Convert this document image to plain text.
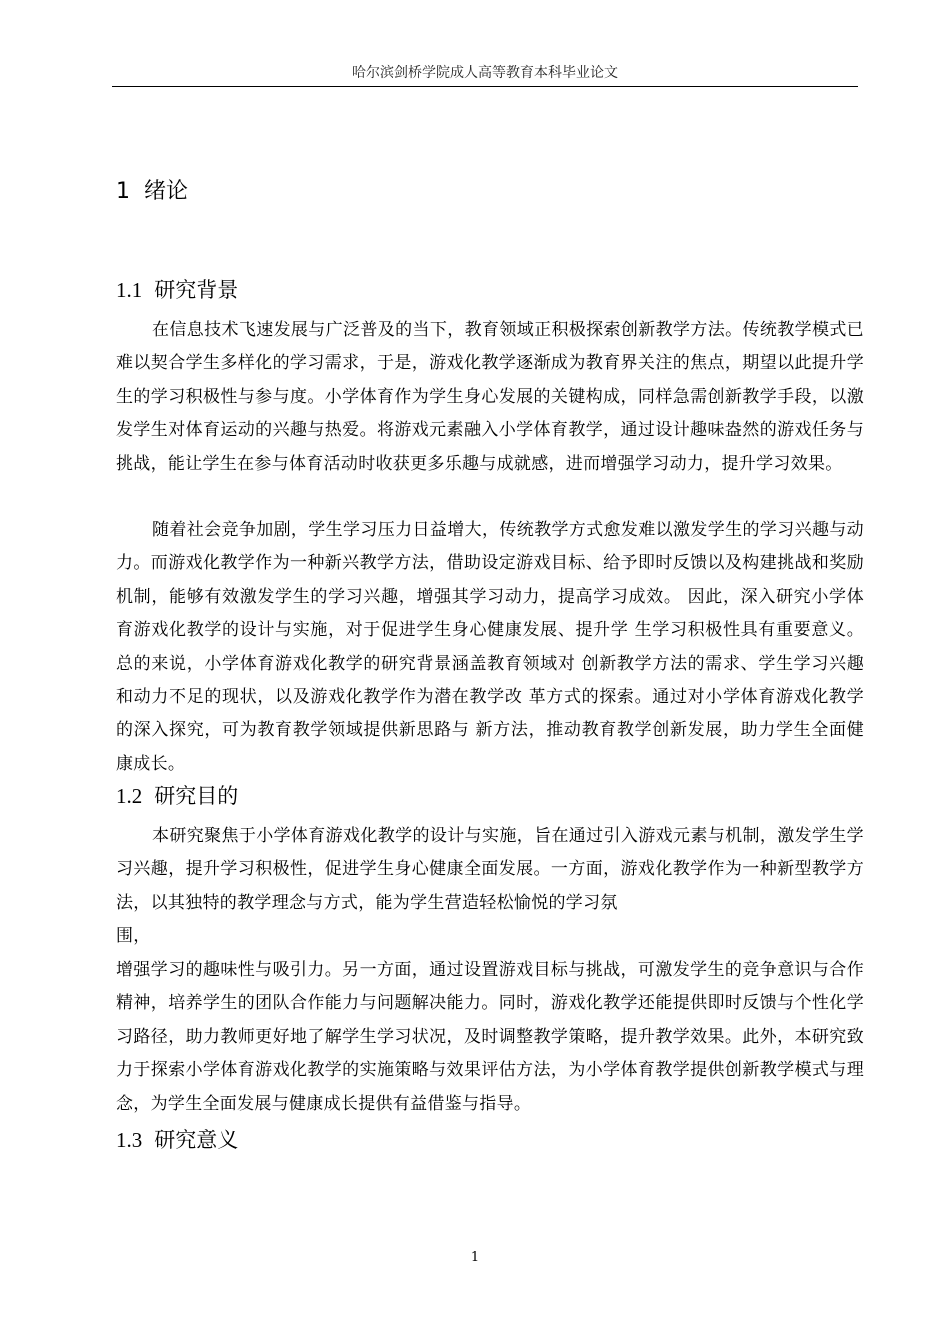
哈尔滨剑桥学院成人高等教育本科毕业论文
1 绪论
1.1 研究背景

在信息技术飞速发展与广泛普及的当下，教育领域正积极探索创新教学方法。传统教学模式已难以契合学生多样化的学习需求，于是，游戏化教学逐渐成为教育界关注的焦点，期望以此提升学生的学习积极性与参与度。小学体育作为学生身心发展的关键构成，同样急需创新教学手段，以激发学生对体育运动的兴趣与热爱。将游戏元素融入小学体育教学，通过设计趣味盎然的游戏任务与挑战，能让学生在参与体育活动时收获更多乐趣与成就感，进而增强学习动力，提升学习效果。

随着社会竞争加剧，学生学习压力日益增大，传统教学方式愈发难以激发学生的学习兴趣与动力。而游戏化教学作为一种新兴教学方法，借助设定游戏目标、给予即时反馈以及构建挑战和奖励机制，能够有效激发学生的学习兴趣，增强其学习动力，提高学习成效。 因此，深入研究小学体育游戏化教学的设计与实施，对于促进学生身心健康发展、提升学 生学习积极性具有重要意义。总的来说，小学体育游戏化教学的研究背景涵盖教育领域对 创新教学方法的需求、学生学习兴趣和动力不足的现状，以及游戏化教学作为潜在教学改 革方式的探索。通过对小学体育游戏化教学的深入探究，可为教育教学领域提供新思路与 新方法，推动教育教学创新发展，助力学生全面健康成长。

1.2 研究目的

本研究聚焦于小学体育游戏化教学的设计与实施，旨在通过引入游戏元素与机制，激发学生学习兴趣，提升学习积极性，促进学生身心健康全面发展。一方面，游戏化教学作为一种新型教学方法，以其独特的教学理念与方式，能为学生营造轻松愉悦的学习氛

围，

增强学习的趣味性与吸引力。另一方面，通过设置游戏目标与挑战，可激发学生的竞争意识与合作精神，培养学生的团队合作能力与问题解决能力。同时，游戏化教学还能提供即时反馈与个性化学习路径，助力教师更好地了解学生学习状况，及时调整教学策略，提升教学效果。此外，本研究致力于探索小学体育游戏化教学的实施策略与效果评估方法，为小学体育教学提供创新教学模式与理念，为学生全面发展与健康成长提供有益借鉴与指导。

1.3 研究意义
1
